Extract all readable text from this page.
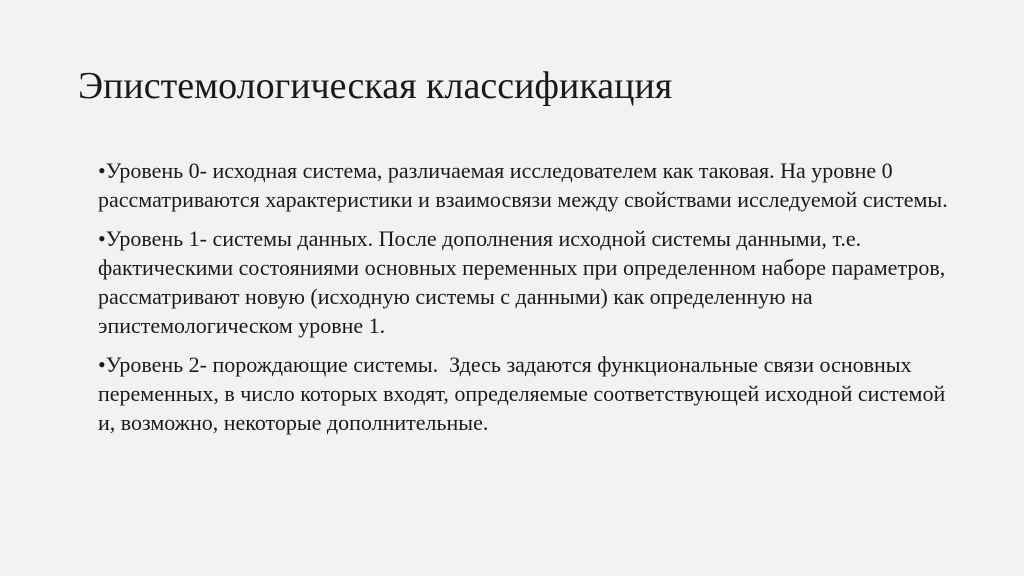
Эпистемологическая классификация
•Уровень 0- исходная система, различаемая исследователем как таковая. На уровне 0 рассматриваются характеристики и взаимосвязи между свойствами исследуемой системы.
•Уровень 1- системы данных. После дополнения исходной системы данными, т.е. фактическими состояниями основных переменных при определенном наборе параметров, рассматривают новую (исходную системы с данными) как определенную на эпистемологическом уровне 1.
•Уровень 2- порождающие системы.  Здесь задаются функциональные связи основных переменных, в число которых входят, определяемые соответствующей исходной системой и, возможно, некоторые дополнительные.
